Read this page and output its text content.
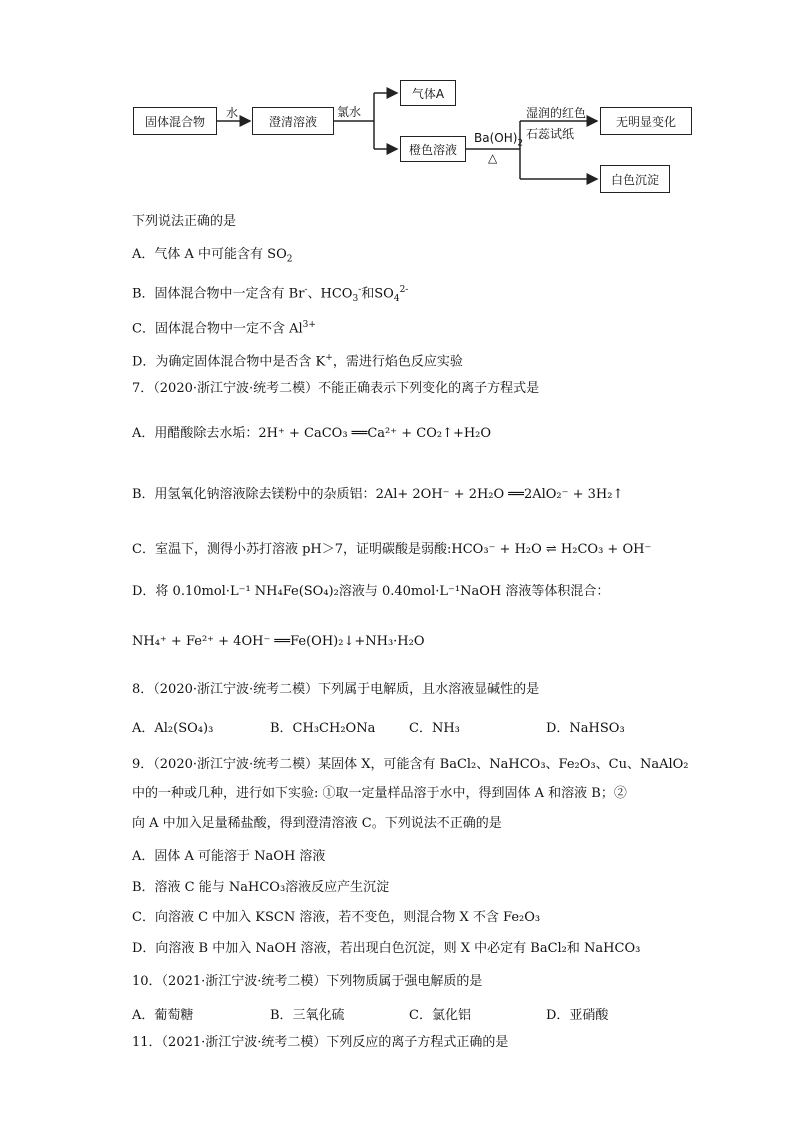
固体混合物
水
澄清溶液
氯水
气体A
橙色溶液
$Ba(OH)_2$
△
湿润的红色
石蕊试纸
无明显变化
白色沉淀
下列说法正确的是
A．气体 A 中可能含有 $SO_2$
B．固体混合物中一定含有 Br-、$HCO_3^-$和$SO_4^{2-}$
C．固体混合物中一定不含 $Al^{3+}$
D．为确定固体混合物中是否含 K+，需进行焰色反应实验
7．（2020·浙江宁波·统考二模）不能正确表示下列变化的离子方程式是
A．用醋酸除去水垢：2H⁺ + CaCO₃ ══Ca²⁺ + CO₂↑+H₂O
B．用氢氧化钠溶液除去镁粉中的杂质铝：2Al+ 2OH⁻ + 2H₂O ══2AlO₂⁻ + 3H₂↑
C．室温下，测得小苏打溶液 pH＞7，证明碳酸是弱酸:HCO₃⁻ + H₂O ⇌ H₂CO₃ + OH⁻
D．将 0.10mol·L⁻¹ NH₄Fe(SO₄)₂溶液与 0.40mol·L⁻¹NaOH 溶液等体积混合：
NH₄⁺ + Fe²⁺ + 4OH⁻ ══Fe(OH)₂↓+NH₃·H₂O
8．（2020·浙江宁波·统考二模）下列属于电解质，且水溶液显碱性的是
A．Al₂(SO₄)₃	B．CH₃CH₂ONa	C．NH₃	D．NaHSO₃
9．（2020·浙江宁波·统考二模）某固体 X，可能含有 BaCl₂、NaHCO₃、Fe₂O₃、Cu、NaAlO₂
中的一种或几种，进行如下实验: ①取一定量样品溶于水中，得到固体 A 和溶液 B；②
向 A 中加入足量稀盐酸，得到澄清溶液 C。下列说法不正确的是
A．固体 A 可能溶于 NaOH 溶液
B．溶液 C 能与 NaHCO₃溶液反应产生沉淀
C．向溶液 C 中加入 KSCN 溶液，若不变色，则混合物 X 不含 Fe₂O₃
D．向溶液 B 中加入 NaOH 溶液，若出现白色沉淀，则 X 中必定有 BaCl₂和 NaHCO₃
10．（2021·浙江宁波·统考二模）下列物质属于强电解质的是
A．葡萄糖	B．三氧化硫	C．氯化铝	D．亚硝酸
11．（2021·浙江宁波·统考二模）下列反应的离子方程式正确的是
